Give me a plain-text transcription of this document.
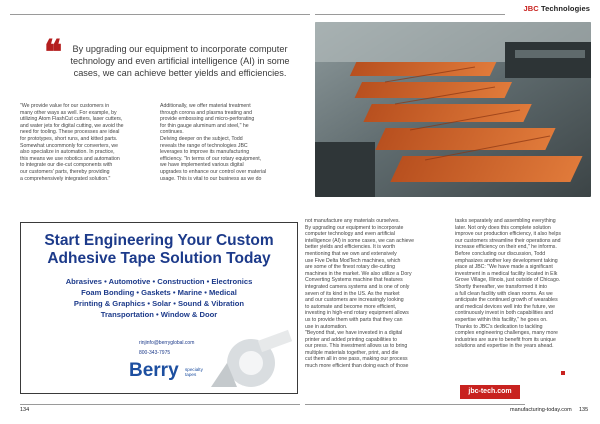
JBC Technologies
❝	By upgrading our equipment to incorporate computer technology and even artificial intelligence (AI) in some cases, we can achieve better yields and efficiencies.
"We provide value for our customers in
many other ways as well. For example, by
utilizing Atom FlashCut cutters, laser cutters,
and water jets for digital cutting, we avoid the
need for tooling. These processes are ideal
for prototypes, short runs, and kitted parts.
Somewhat uncommonly for converters, we
also specialize in automation. In practice,
this means we use robotics and automation
to integrate our die-cut components with
our customers' parts, thereby providing
a comprehensively integrated solution."
Additionally, we offer material treatment
through corona and plasma treating and
provide embossing and micro-perforating
for thin gauge aluminum and steel," he
continues.
Delving deeper on the subject, Todd
reveals the range of technologies JBC
leverages to improve its manufacturing
efficiency. "In terms of our rotary equipment,
we have implemented various digital
upgrades to enhance our control over material
usage. This is vital to our business as we do
Start Engineering Your Custom
Adhesive Tape Solution Today
Abrasives • Automotive • Construction • Electronics
Foam Bonding • Gaskets • Marine • Medical
Printing & Graphics • Solar • Sound & Vibration
Transportation • Window & Door
rinjinfo@berryglobal.com
800-343-7975
Berry specialty
tapes
not manufacture any materials ourselves.
By upgrading our equipment to incorporate
computer technology and even artificial
intelligence (AI) in some cases, we can achieve
better yields and efficiencies. It is worth
mentioning that we own and extensively
use Five Delta ModTech machines, which
are some of the finest rotary die-cutting
machines in the market. We also utilize a Dory
Converting Systems machine that features
integrated camera systems and is one of only
seven of its kind in the US. As the market
and our customers are increasingly looking
to automate and become more efficient,
investing in high-end rotary equipment allows
us to provide them with parts that they can
use in automation.
"Beyond that, we have invested in a digital
printer and added printing capabilities to
our press. This investment allows us to bring
multiple materials together, print, and die
cut them all in one pass, making our process
much more efficient than doing each of those
tasks separately and assembling everything
later. Not only does this complete solution
improve our production efficiency, it also helps
our customers streamline their operations and
increase efficiency on their end," he informs.
Before concluding our discussion, Todd
emphasizes another key development taking
place at JBC: "We have made a significant
investment in a medical facility located in Elk
Grove Village, Illinois, just outside of Chicago.
Shortly thereafter, we transformed it into
a full clean facility with clean rooms. As we
anticipate the continued growth of wearables
and medical devices well into the future, we
continuously invest in both capabilities and
expertise within this facility," he goes on.
Thanks to JBC's dedication to tackling
complex engineering challenges, many more
industries are sure to benefit from its unique
solutions and expertise in the years ahead.
jbc-tech.com
134	manufacturing-today.com 135
